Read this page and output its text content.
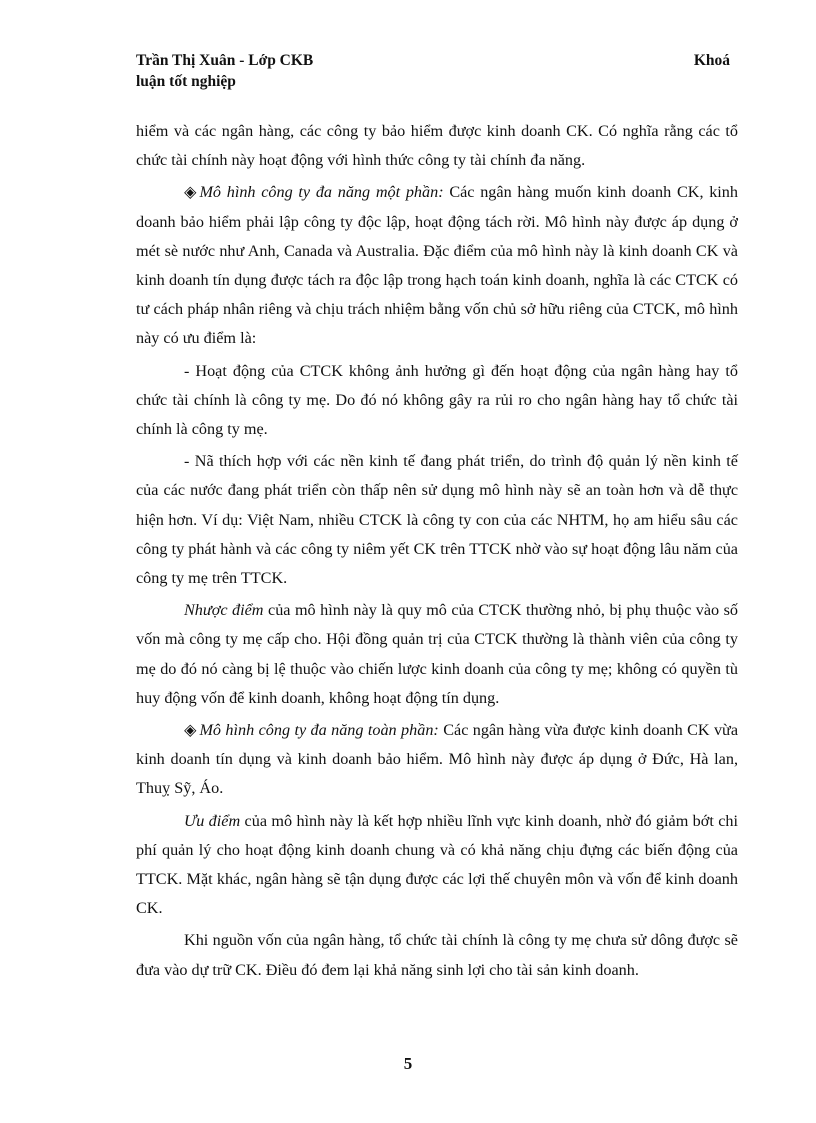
Trần Thị Xuân - Lớp CKB	Khoá
luận tốt nghiệp

hiểm và các ngân hàng, các công ty bảo hiểm được kinh doanh CK. Có nghĩa rằng các tổ chức tài chính này hoạt động với hình thức công ty tài chính đa năng.

◈ Mô hình công ty đa năng một phần: Các ngân hàng muốn kinh doanh CK, kinh doanh bảo hiểm phải lập công ty độc lập, hoạt động tách rời. Mô hình này được áp dụng ở mét sè nước như Anh, Canada và Australia. Đặc điểm của mô hình này là kinh doanh CK và kinh doanh tín dụng được tách ra độc lập trong hạch toán kinh doanh, nghĩa là các CTCK có tư cách pháp nhân riêng và chịu trách nhiệm bằng vốn chủ sở hữu riêng của CTCK, mô hình này có ưu điểm là:

- Hoạt động của CTCK không ảnh hưởng gì đến hoạt động của ngân hàng hay tổ chức tài chính là công ty mẹ. Do đó nó không gây ra rủi ro cho ngân hàng hay tổ chức tài chính là công ty mẹ.

- Nã thích hợp với các nền kinh tế đang phát triển, do trình độ quản lý nền kinh tế của các nước đang phát triển còn thấp nên sử dụng mô hình này sẽ an toàn hơn và dễ thực hiện hơn. Ví dụ: Việt Nam, nhiều CTCK là công ty con của các NHTM, họ am hiểu sâu các công ty phát hành và các công ty niêm yết CK trên TTCK nhờ vào sự hoạt động lâu năm của công ty mẹ trên TTCK.

Nhược điểm của mô hình này là quy mô của CTCK thường nhỏ, bị phụ thuộc vào số vốn mà công ty mẹ cấp cho. Hội đồng quản trị của CTCK thường là thành viên của công ty mẹ do đó nó càng bị lệ thuộc vào chiến lược kinh doanh của công ty mẹ; không có quyền tù huy động vốn để kinh doanh, không hoạt động tín dụng.

◈ Mô hình công ty đa năng toàn phần: Các ngân hàng vừa được kinh doanh CK vừa kinh doanh tín dụng và kinh doanh bảo hiểm. Mô hình này được áp dụng ở Đức, Hà lan, Thuỵ Sỹ, Áo.

Ưu điểm của mô hình này là kết hợp nhiều lĩnh vực kinh doanh, nhờ đó giảm bớt chi phí quản lý cho hoạt động kinh doanh chung và có khả năng chịu đựng các biến động của TTCK. Mặt khác, ngân hàng sẽ tận dụng được các lợi thế chuyên môn và vốn để kinh doanh CK.

Khi nguồn vốn của ngân hàng, tổ chức tài chính là công ty mẹ chưa sử dông được sẽ đưa vào dự trữ CK. Điều đó đem lại khả năng sinh lợi cho tài sản kinh doanh.

5
